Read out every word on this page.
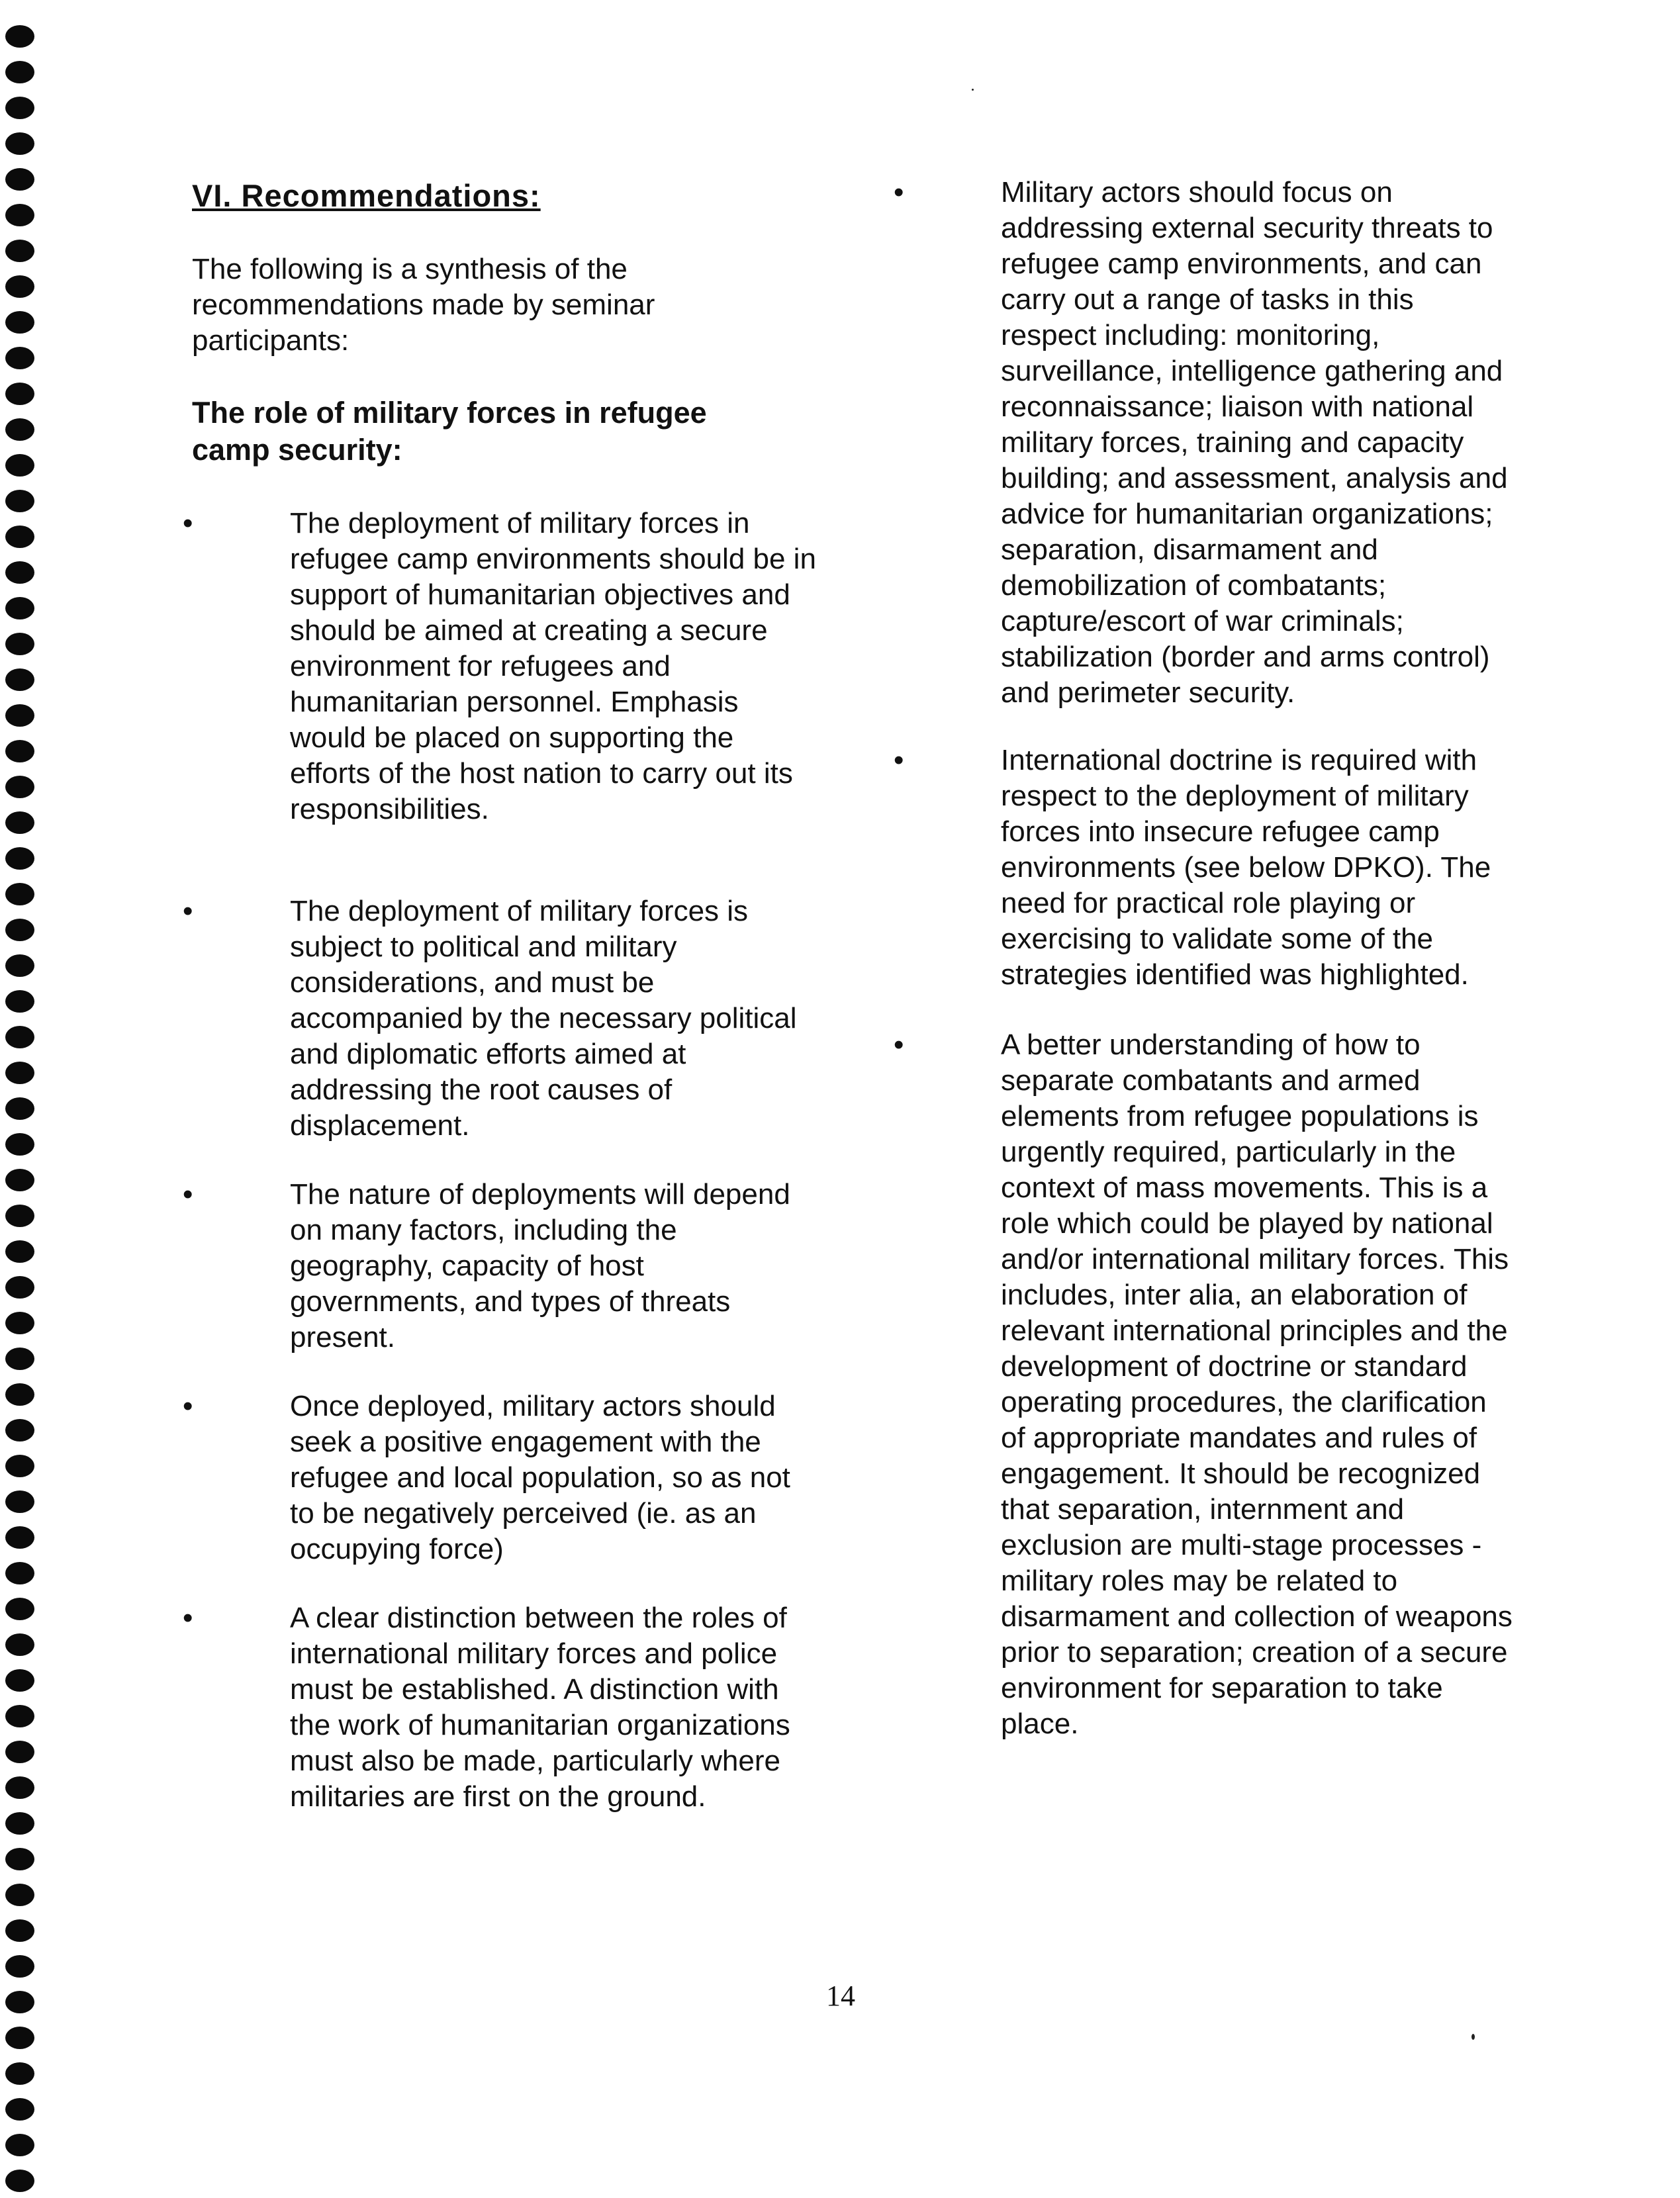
VI. Recommendations:

The following is a synthesis of the recommendations made by seminar participants:

The role of military forces in refugee camp security:
•	The deployment of military forces in refugee camp environments should be in support of humanitarian objectives and should be aimed at creating a secure environment for refugees and humanitarian personnel. Emphasis would be placed on supporting the efforts of the host nation to carry out its responsibilities.

•	The deployment of military forces is subject to political and military considerations, and must be accompanied by the necessary political and diplomatic efforts aimed at addressing the root causes of displacement.

•	The nature of deployments will depend on many factors, including the geography, capacity of host governments, and types of threats present.

•	Once deployed, military actors should seek a positive engagement with the refugee and local population, so as not to be negatively perceived (ie. as an occupying force)

•	A clear distinction between the roles of international military forces and police must be established. A distinction with the work of humanitarian organizations must also be made, particularly where militaries are first on the ground.

•	Military actors should focus on addressing external security threats to refugee camp environments, and can carry out a range of tasks in this respect including: monitoring, surveillance, intelligence gathering and reconnaissance; liaison with national military forces, training and capacity building; and assessment, analysis and advice for humanitarian organizations; separation, disarmament and demobilization of combatants; capture/escort of war criminals; stabilization (border and arms control) and perimeter security.

•	International doctrine is required with respect to the deployment of military forces into insecure refugee camp environments (see below DPKO). The need for practical role playing or exercising to validate some of the strategies identified was highlighted.

•	A better understanding of how to separate combatants and armed elements from refugee populations is urgently required, particularly in the context of mass movements. This is a role which could be played by national and/or international military forces. This includes, inter alia, an elaboration of relevant international principles and the development of doctrine or standard operating procedures, the clarification of appropriate mandates and rules of engagement. It should be recognized that separation, internment and exclusion are multi-stage processes - military roles may be related to disarmament and collection of weapons prior to separation; creation of a secure environment for separation to take place.

14
